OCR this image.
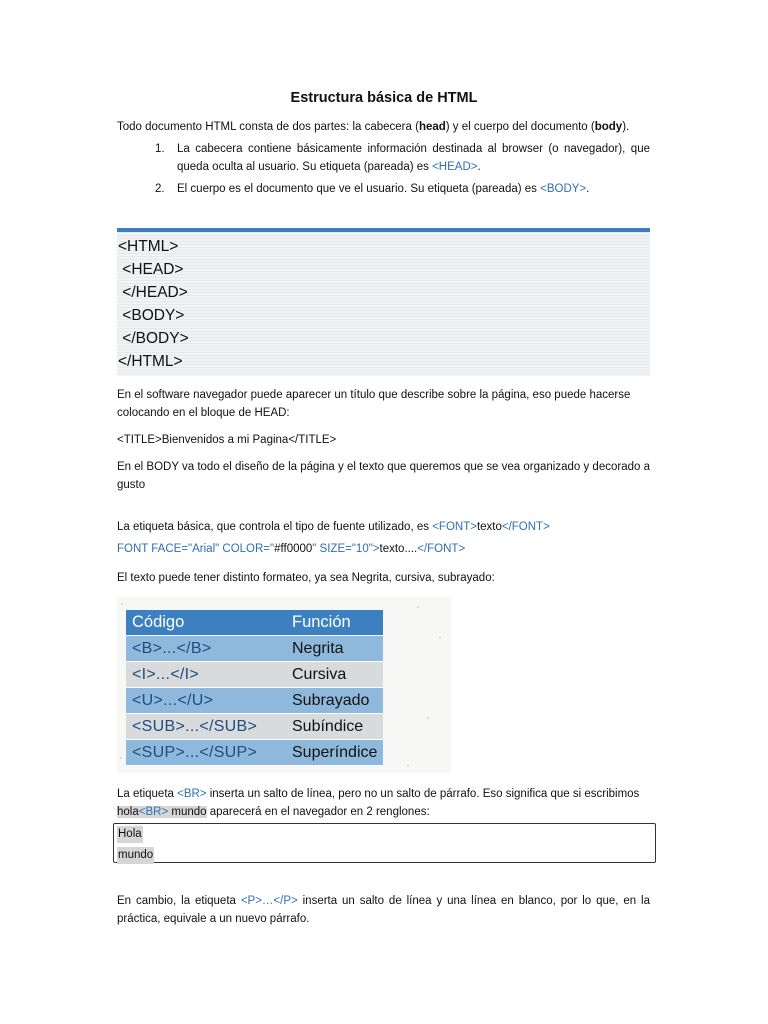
Estructura básica de HTML
Todo documento HTML consta de dos partes: la cabecera (head) y el cuerpo del documento (body).
1. La cabecera contiene básicamente información destinada al browser (o navegador), que queda oculta al usuario. Su etiqueta (pareada) es <HEAD>.
2. El cuerpo es el documento que ve el usuario. Su etiqueta (pareada) es <BODY>.
<HTML>
<HEAD>
</HEAD>
<BODY>
</BODY>
</HTML>
En el software navegador puede aparecer un título que describe sobre la página, eso puede hacerse colocando en el bloque de HEAD:
<TITLE>Bienvenidos a mi Pagina</TITLE>
En el BODY va todo el diseño de la página y el texto que queremos que se vea organizado y decorado a gusto
La etiqueta básica, que controla el tipo de fuente utilizado, es <FONT>texto</FONT>
FONT FACE="Arial" COLOR="#ff0000" SIZE="10">texto....</FONT>
El texto puede tener distinto formateo, ya sea Negrita, cursiva, subrayado:
Código	Función
<B>...</B>	Negrita
<I>...</I>	Cursiva
<U>...</U>	Subrayado
<SUB>...</SUB>	Subíndice
<SUP>...</SUP>	Superíndice
La etiqueta <BR> inserta un salto de línea, pero no un salto de párrafo. Eso significa que si escribimos
hola<BR> mundo aparecerá en el navegador en 2 renglones:
Hola
mundo
En cambio, la etiqueta <P>…</P> inserta un salto de línea y una línea en blanco, por lo que, en la práctica, equivale a un nuevo párrafo.
